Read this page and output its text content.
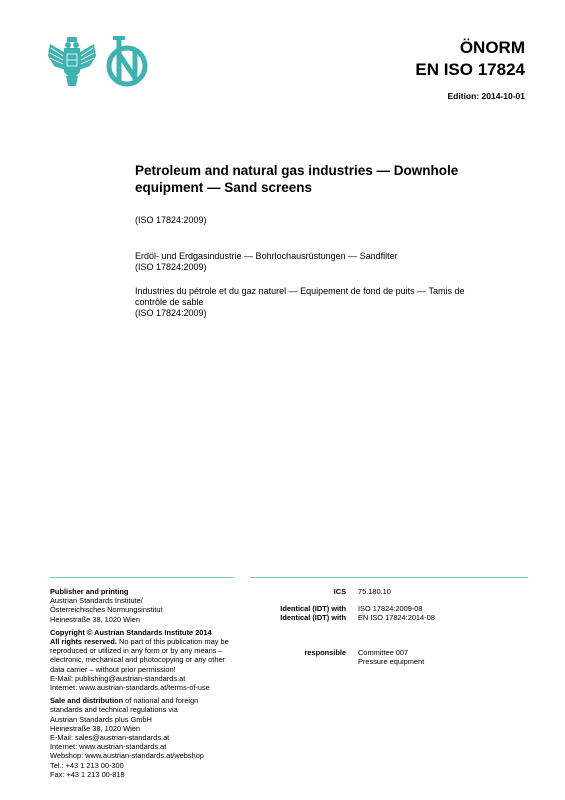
ÖNORM
EN ISO 17824
Edition: 2014-10-01
Petroleum and natural gas industries — Downhole equipment — Sand screens
(ISO 17824:2009)
Erdöl- und Erdgasindustrie — Bohrlochausrüstungen — Sandfilter
(ISO 17824:2009)
Industries du pétrole et du gaz naturel — Equipement de fond de puits — Tamis de contrôle de sable
(ISO 17824:2009)
Publisher and printing
Austrian Standards Institute/
Österreichisches Normungsinstitut
Heinestraße 38, 1020 Wien
Copyright © Austrian Standards Institute 2014
All rights reserved. No part of this publication may be
reproduced or utilized in any form or by any means –
electronic, mechanical and photocopying or any other
data carrier – without prior permission!
E-Mail: publishing@austrian-standards.at
Internet: www.austrian-standards.at/terms-of-use
Sale and distribution of national and foreign
standards and technical regulations via
Austrian Standards plus GmbH
Heinestraße 38, 1020 Wien
E-Mail: sales@austrian-standards.at
Internet: www.austrian-standards.at
Webshop: www.austrian-standards.at/webshop
Tel.: +43 1 213 00-300
Fax: +43 1 213 00-818
ICS 75.180.10
Identical (IDT) with ISO 17824:2009-08
Identical (IDT) with EN ISO 17824:2014-08
responsible Committee 007
Pressure equipment
